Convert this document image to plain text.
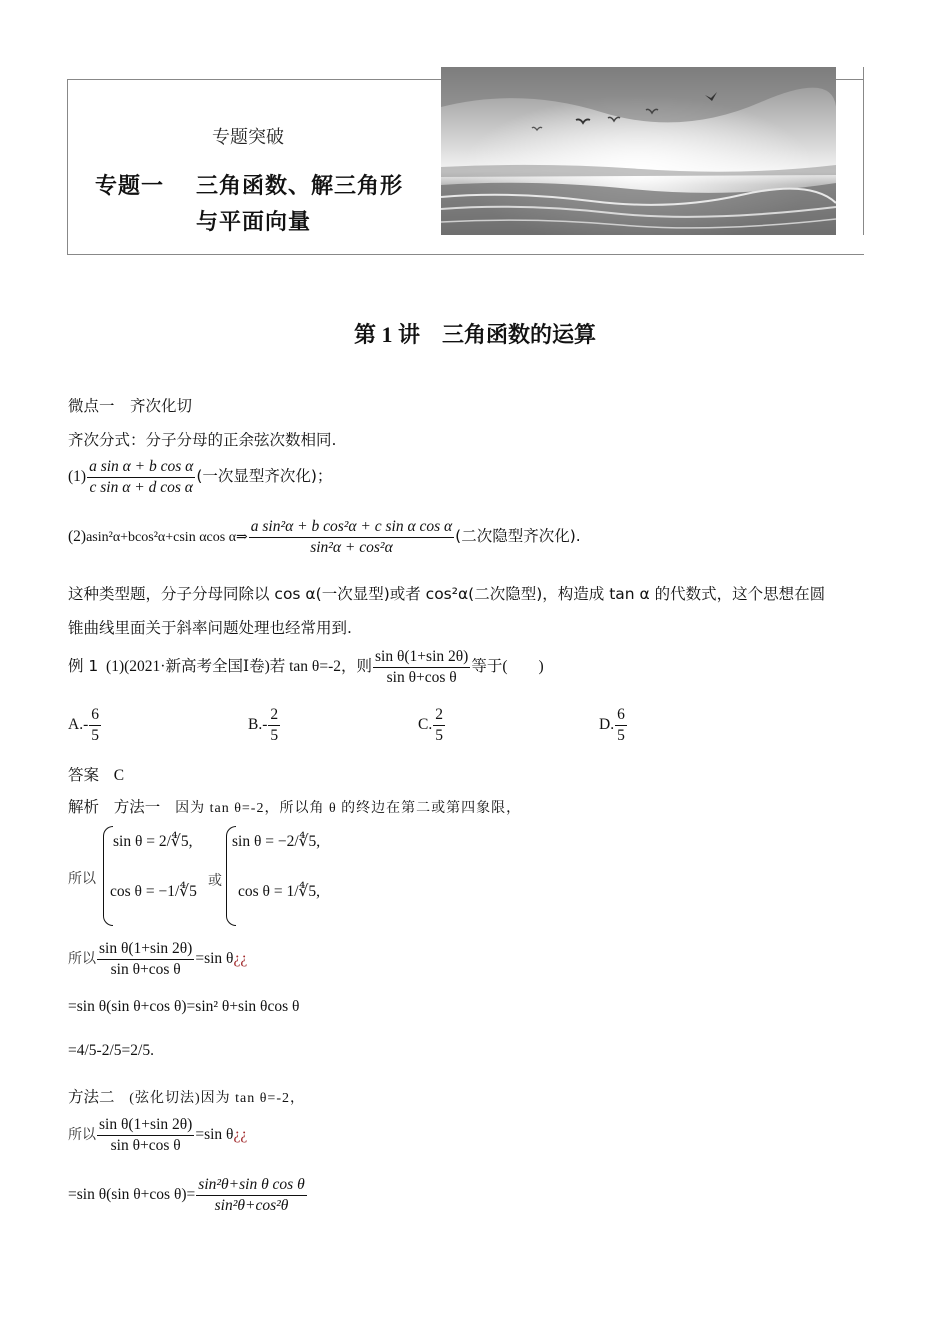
专题突破
专题一 三角函数、解三角形
与平面向量
第 1 讲　三角函数的运算
微点一　齐次化切
齐次分式：分子分母的正余弦次数相同.
$(1) \frac{\text{a sin α + b cos α}}{\text{c sin α + d cos α}}$ (一次显型齐次化)；
(2)asin²α+bcos²α+csin αcos α⇒ $\frac{\text{a sin²α + b cos²α + c sin α cos α}}{\text{sin²α + cos²α}}$ (二次隐型齐次化).
这种类型题，分子分母同除以 cos α(一次显型)或者 cos²α(二次隐型)，构造成 tan α 的代数式，这个思想在圆
锥曲线里面关于斜率问题处理也经常用到.
例 1 (1)(2021·新高考全国Ⅰ卷)若 tan θ=-2，则 $\frac{\text{sin θ(1+sin 2θ)}}{\text{sin θ+cos θ}}$ 等于(　　)
$A.- \frac{6}{5}$	$B.- \frac{2}{5}$	C. $\frac{2}{5}$	D. $\frac{6}{5}$
答案 C
解析 方法一 因为 tan θ=-2，所以角 θ 的终边在第二或第四象限，
所以
sin θ = 2/∜5,
cos θ = −1/∜5
或
sin θ = −2/∜5,
cos θ = 1/∜5,
所以 $\frac{\text{sin θ(1+sin 2θ)}}{\text{sin θ+cos θ}} =\sin$ θ¿¿
=sin θ(sin θ+cos θ)=sin² θ+sin θcos θ
=4/5-2/5=2/5.
方法二 (弦化切法)因为 tan θ=-2，
所以 $\frac{\text{sin θ(1+sin 2θ)}}{\text{sin θ+cos θ}} =\sin$ θ¿¿
=sin θ(sin θ+cos $\theta)= \frac{\text{sin²θ+sin θ cos θ}}{\text{sin²θ+cos²θ}}$
